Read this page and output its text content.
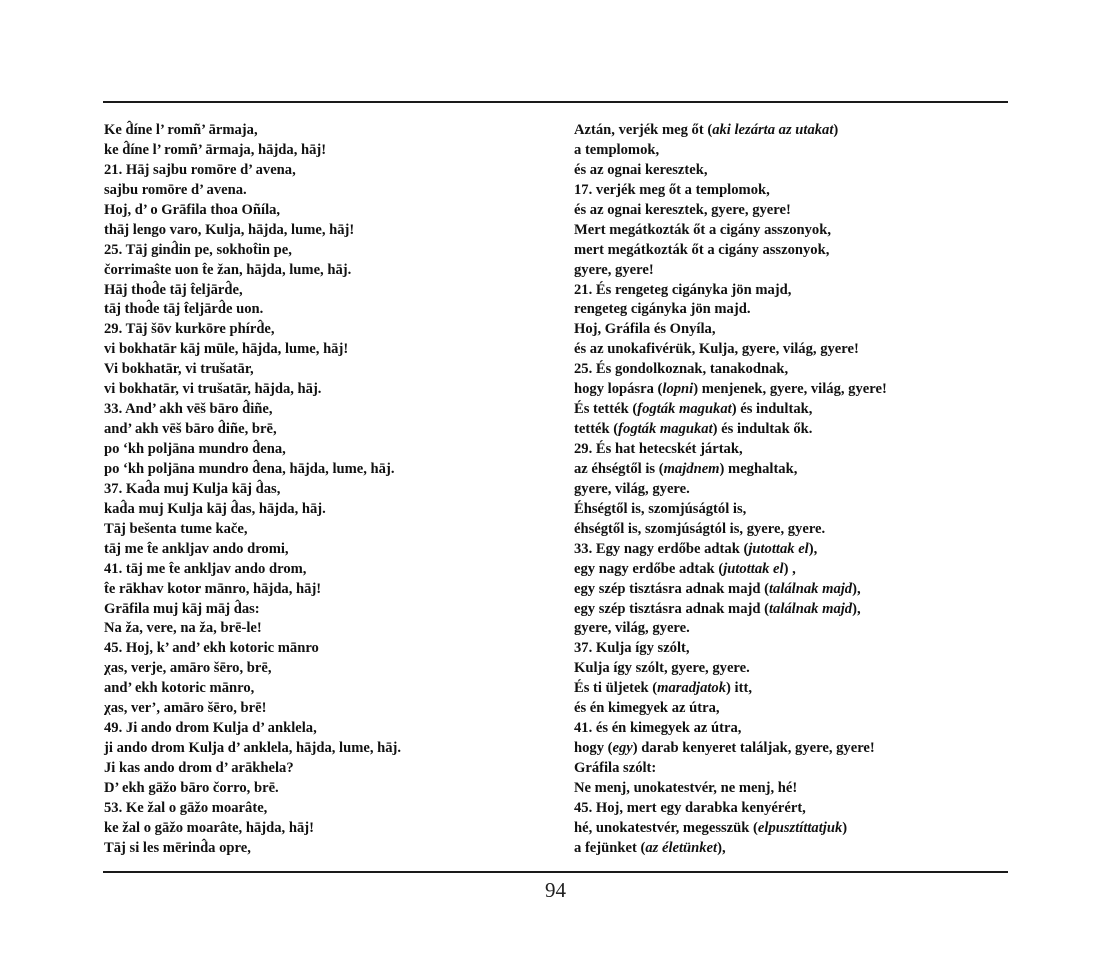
Ke d̂íne l’ romñ’ ārmaja,
ke d̂íne l’ romñ’ ārmaja, hājda, hāj!
21. Hāj sajbu romōre d’ avena,
sajbu romōre d’ avena.
Hoj, d’ o Grāfila thoa Oñíla,
thāj lengo varo, Kulja, hājda, lume, hāj!
25. Tāj gind̂in pe, sokhot̂in pe,
čorrimaŝte uon t̂e žan, hājda, lume, hāj.
Hāj thod̂e tāj t̂eljārd̂e,
tāj thod̂e tāj t̂eljārd̂e uon.
29. Tāj šōv kurkōre phírd̂e,
vi bokhatār kāj mūle, hājda, lume, hāj!
Vi bokhatār, vi trušatār,
vi bokhatār, vi trušatār, hājda, hāj.
33. And’ akh vēš bāro d̂iñe,
and’ akh vēš bāro d̂iñe, brē,
po ‘kh poljāna mundro d̂ena,
po ‘kh poljāna mundro d̂ena, hājda, lume, hāj.
37. Kad̂a muj Kulja kāj d̂as,
kad̂a muj Kulja kāj d̂as, hājda, hāj.
Tāj bešenta tume kače,
tāj me t̂e ankljav ando dromi,
41. tāj me t̂e ankljav ando drom,
t̂e rākhav kotor mānro, hājda, hāj!
Grāfila muj kāj māj d̂as:
Na ža, vere, na ža, brē-le!
45. Hoj, k’ and’ ekh kotoric mānro
χas, verje, amāro šēro, brē,
and’ ekh kotoric mānro,
χas, ver’, amāro šēro, brē!
49. Ji ando drom Kulja d’ anklela,
ji ando drom Kulja d’ anklela, hājda, lume, hāj.
Ji kas ando drom d’ arākhela?
D’ ekh gāžo bāro čorro, brē.
53. Ke žal o gāžo moarâte,
ke žal o gāžo moarâte, hājda, hāj!
Tāj si les mērind̂a opre,
Aztán, verjék meg őt (aki lezárta az utakat)
a templomok,
és az ognai keresztek,
17. verjék meg őt a templomok,
és az ognai keresztek, gyere, gyere!
Mert megátkozták őt a cigány asszonyok,
mert megátkozták őt a cigány asszonyok,
gyere, gyere!
21. És rengeteg cigányka jön majd,
rengeteg cigányka jön majd.
Hoj, Gráfila és Onyíla,
és az unokafivérük, Kulja, gyere, világ, gyere!
25. És gondolkoznak, tanakodnak,
hogy lopásra (lopni) menjenek, gyere, világ, gyere!
És tették (fogták magukat) és indultak,
tették (fogták magukat) és indultak ők.
29. És hat hetecskét jártak,
az éhségtől is (majdnem) meghaltak,
gyere, világ, gyere.
Éhségtől is, szomjúságtól is,
éhségtől is, szomjúságtól is, gyere, gyere.
33. Egy nagy erdőbe adtak (jutottak el),
egy nagy erdőbe adtak (jutottak el) ,
egy szép tisztásra adnak majd (találnak majd),
egy szép tisztásra adnak majd (találnak majd),
gyere, világ, gyere.
37. Kulja így szólt,
Kulja így szólt, gyere, gyere.
És ti üljetek (maradjatok) itt,
és én kimegyek az útra,
41. és én kimegyek az útra,
hogy (egy) darab kenyeret találjak, gyere, gyere!
Gráfila szólt:
Ne menj, unokatestvér, ne menj, hé!
45. Hoj, mert egy darabka kenyérért,
hé, unokatestvér, megesszük (elpusztíttatjuk)
a fejünket (az életünket),
94
